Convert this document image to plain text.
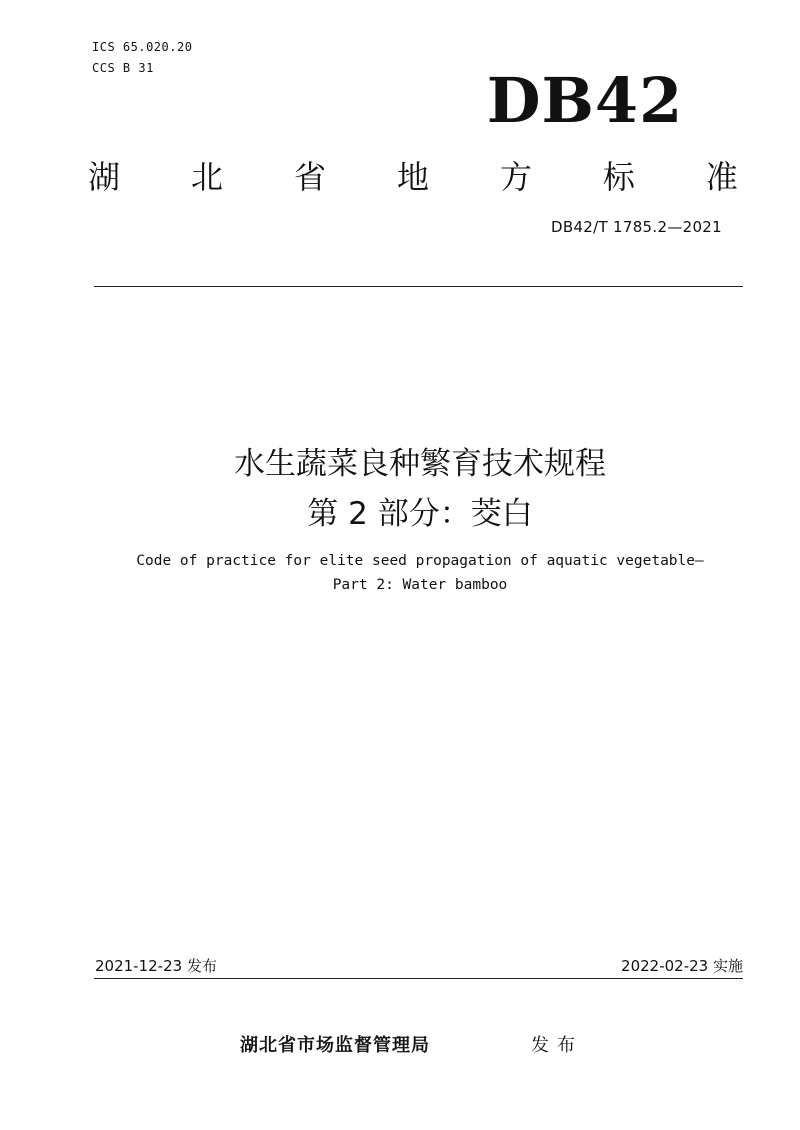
ICS 65.020.20
CCS B 31	DB42
湖 北 省 地 方 标 准
DB42/T 1785.2—2021
水生蔬菜良种繁育技术规程
第 2 部分：茭白
Code of practice for elite seed propagation of aquatic vegetable—
Part 2: Water bamboo
2021-12-23 发布	2022-02-23 实施
湖北省市场监督管理局	发布
